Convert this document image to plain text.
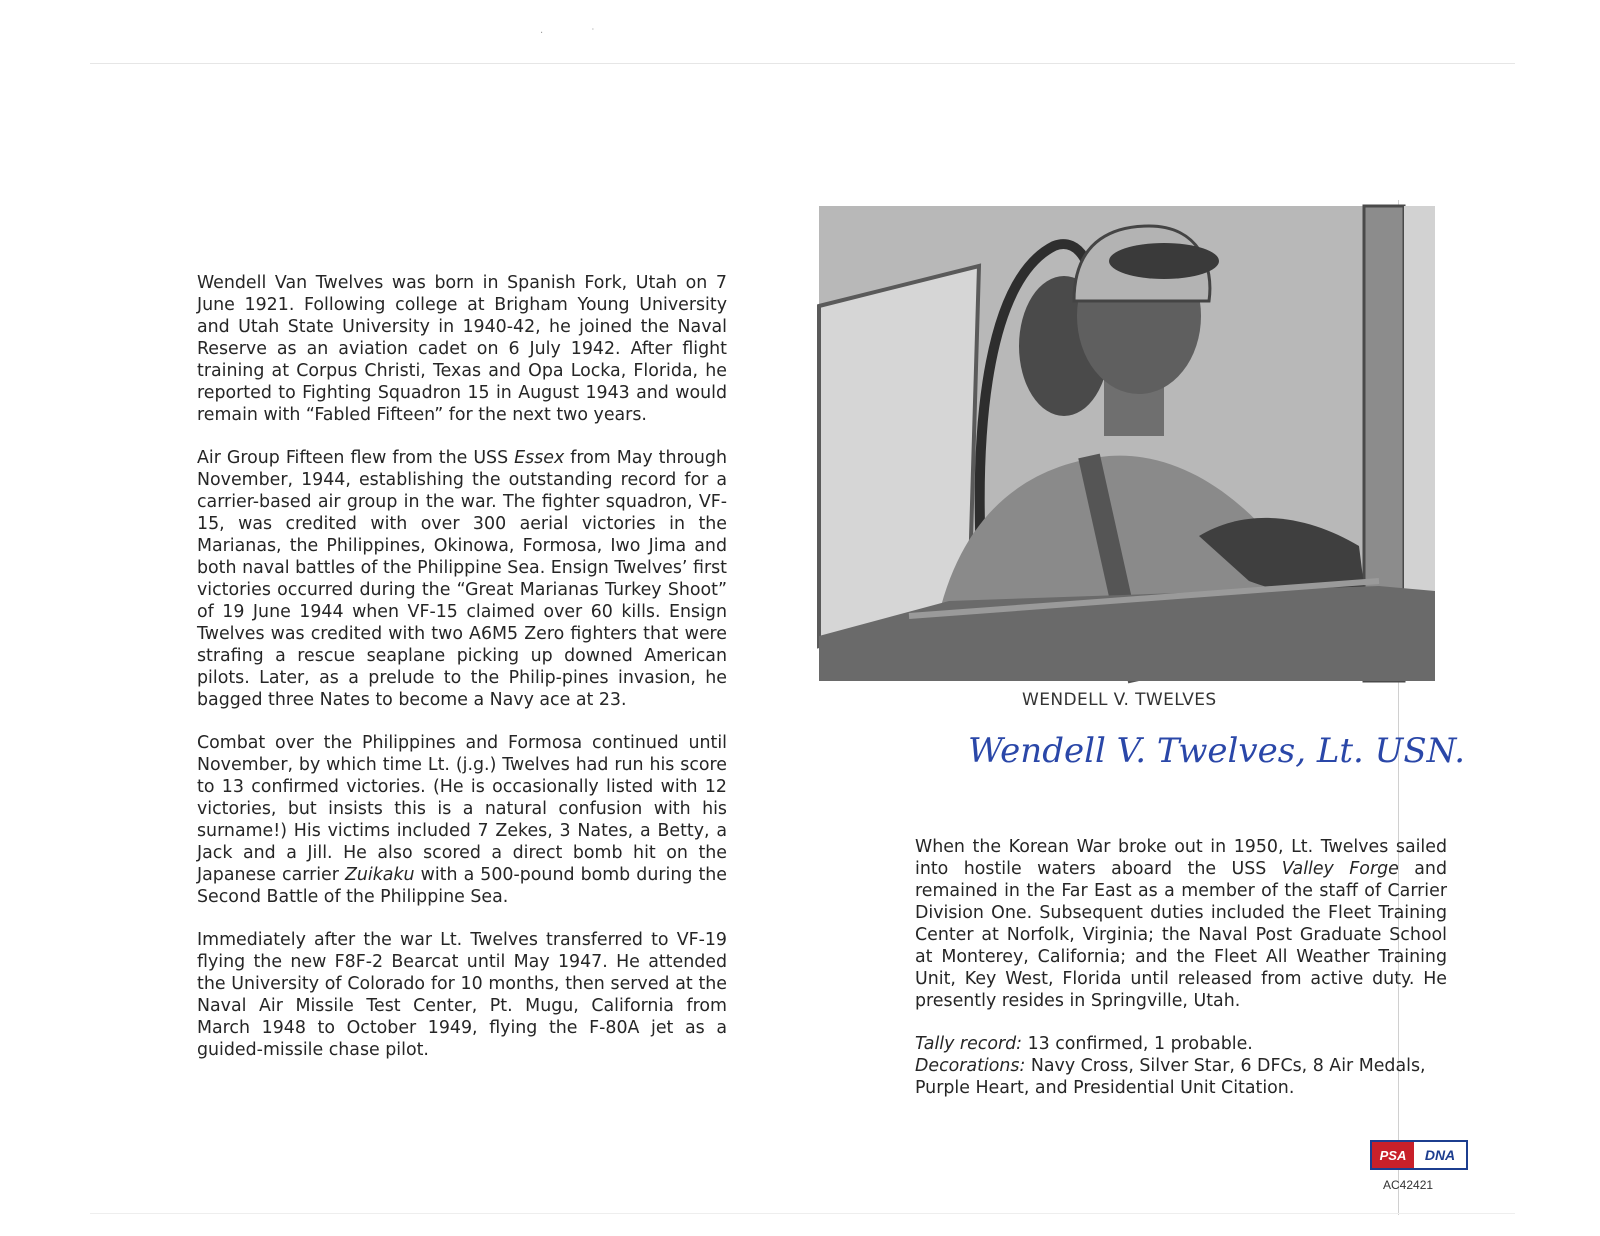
· ˙

Wendell Van Twelves was born in Spanish Fork, Utah on 7 June 1921. Following college at Brigham Young University and Utah State University in 1940-42, he joined the Naval Reserve as an aviation cadet on 6 July 1942. After flight training at Corpus Christi, Texas and Opa Locka, Florida, he reported to Fighting Squadron 15 in August 1943 and would remain with “Fabled Fifteen” for the next two years.

Air Group Fifteen flew from the USS Essex from May through November, 1944, establishing the outstanding record for a carrier-based air group in the war. The fighter squadron, VF-15, was credited with over 300 aerial victories in the Marianas, the Philippines, Okinowa, Formosa, Iwo Jima and both naval battles of the Philippine Sea. Ensign Twelves’ first victories occurred during the “Great Marianas Turkey Shoot” of 19 June 1944 when VF-15 claimed over 60 kills. Ensign Twelves was credited with two A6M5 Zero fighters that were strafing a rescue seaplane picking up downed American pilots. Later, as a prelude to the Philip-pines invasion, he bagged three Nates to become a Navy ace at 23.

Combat over the Philippines and Formosa continued until November, by which time Lt. (j.g.) Twelves had run his score to 13 confirmed victories. (He is occasionally listed with 12 victories, but insists this is a natural confusion with his surname!) His victims included 7 Zekes, 3 Nates, a Betty, a Jack and a Jill. He also scored a direct bomb hit on the Japanese carrier Zuikaku with a 500-pound bomb during the Second Battle of the Philippine Sea.

Immediately after the war Lt. Twelves transferred to VF-19 flying the new F8F-2 Bearcat until May 1947. He attended the University of Colorado for 10 months, then served at the Naval Air Missile Test Center, Pt. Mugu, California from March 1948 to October 1949, flying the F-80A jet as a guided-missile chase pilot.

WENDELL V. TWELVES
Wendell V. Twelves, Lt. USN.

When the Korean War broke out in 1950, Lt. Twelves sailed into hostile waters aboard the USS Valley Forge and remained in the Far East as a member of the staff of Carrier Division One. Subsequent duties included the Fleet Training Center at Norfolk, Virginia; the Naval Post Graduate School at Monterey, California; and the Fleet All Weather Training Unit, Key West, Florida until released from active duty. He presently resides in Springville, Utah.

Tally record: 13 confirmed, 1 probable.

Decorations: Navy Cross, Silver Star, 6 DFCs, 8 Air Medals, Purple Heart, and Presidential Unit Citation.

PSA	DNA
AC42421
